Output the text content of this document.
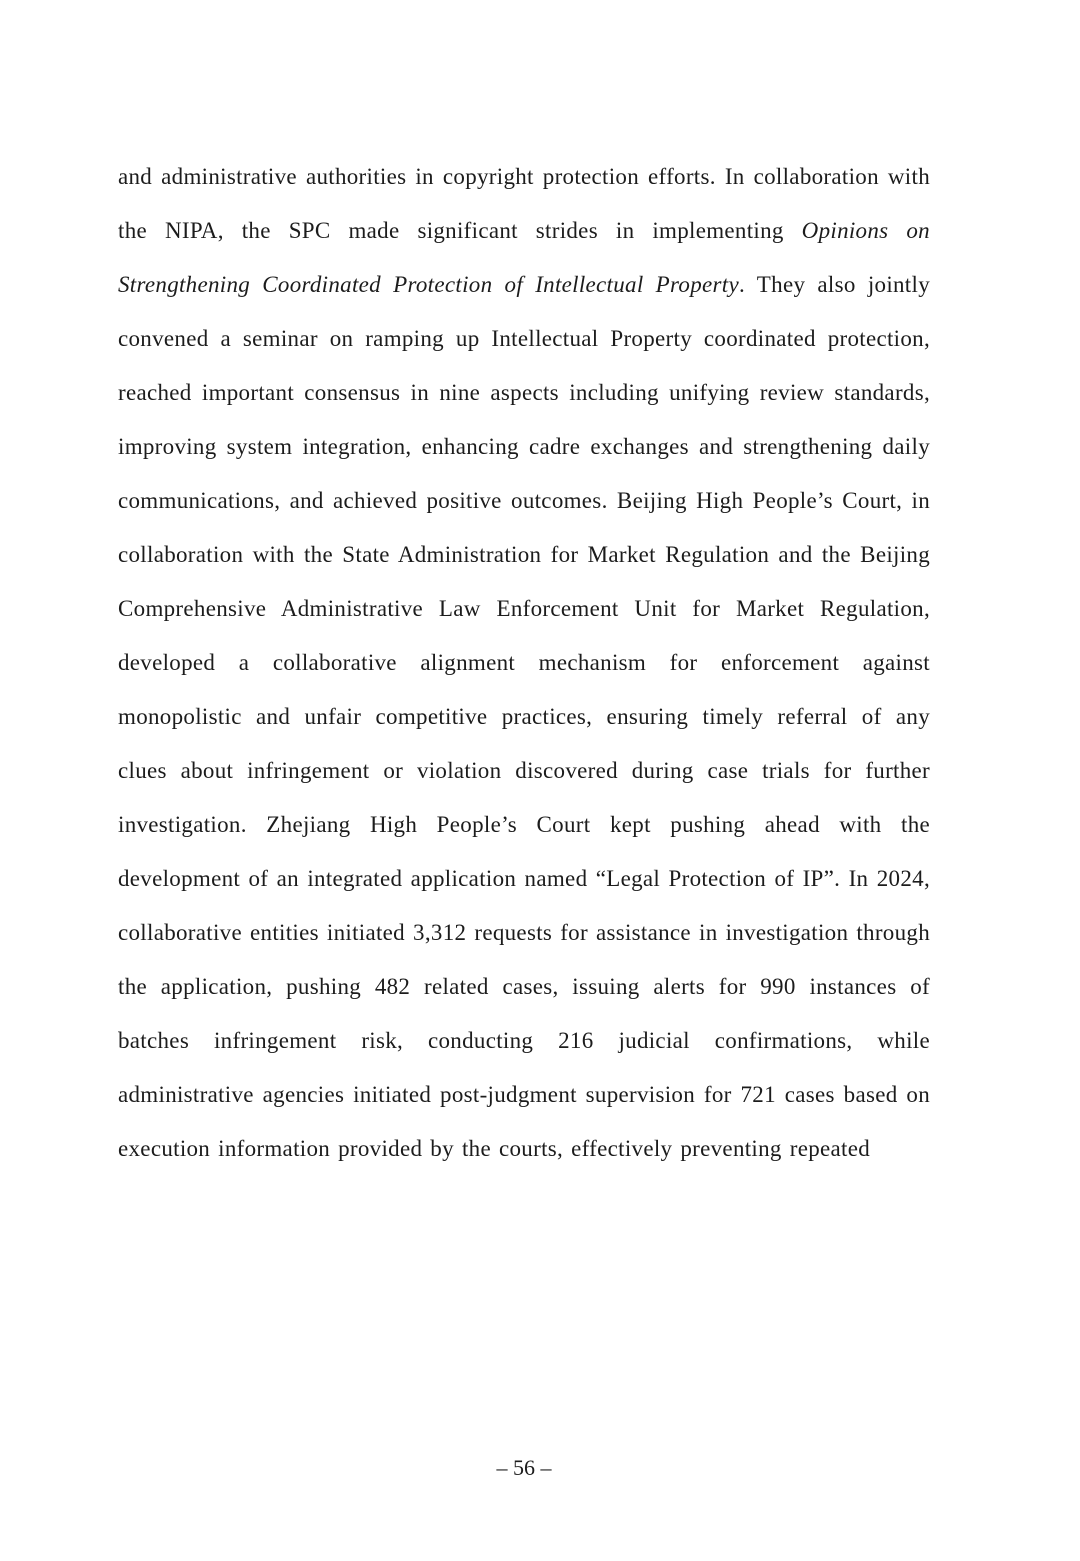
and administrative authorities in copyright protection efforts. In collaboration with the NIPA, the SPC made significant strides in implementing Opinions on Strengthening Coordinated Protection of Intellectual Property. They also jointly convened a seminar on ramping up Intellectual Property coordinated protection, reached important consensus in nine aspects including unifying review standards, improving system integration, enhancing cadre exchanges and strengthening daily communications, and achieved positive outcomes. Beijing High People’s Court, in collaboration with the State Administration for Market Regulation and the Beijing Comprehensive Administrative Law Enforcement Unit for Market Regulation, developed a collaborative alignment mechanism for enforcement against monopolistic and unfair competitive practices, ensuring timely referral of any clues about infringement or violation discovered during case trials for further investigation. Zhejiang High People’s Court kept pushing ahead with the development of an integrated application named “Legal Protection of IP”. In 2024, collaborative entities initiated 3,312 requests for assistance in investigation through the application, pushing 482 related cases, issuing alerts for 990 instances of batches infringement risk, conducting 216 judicial confirmations, while administrative agencies initiated post-judgment supervision for 721 cases based on execution information provided by the courts, effectively preventing repeated

– 56 –
